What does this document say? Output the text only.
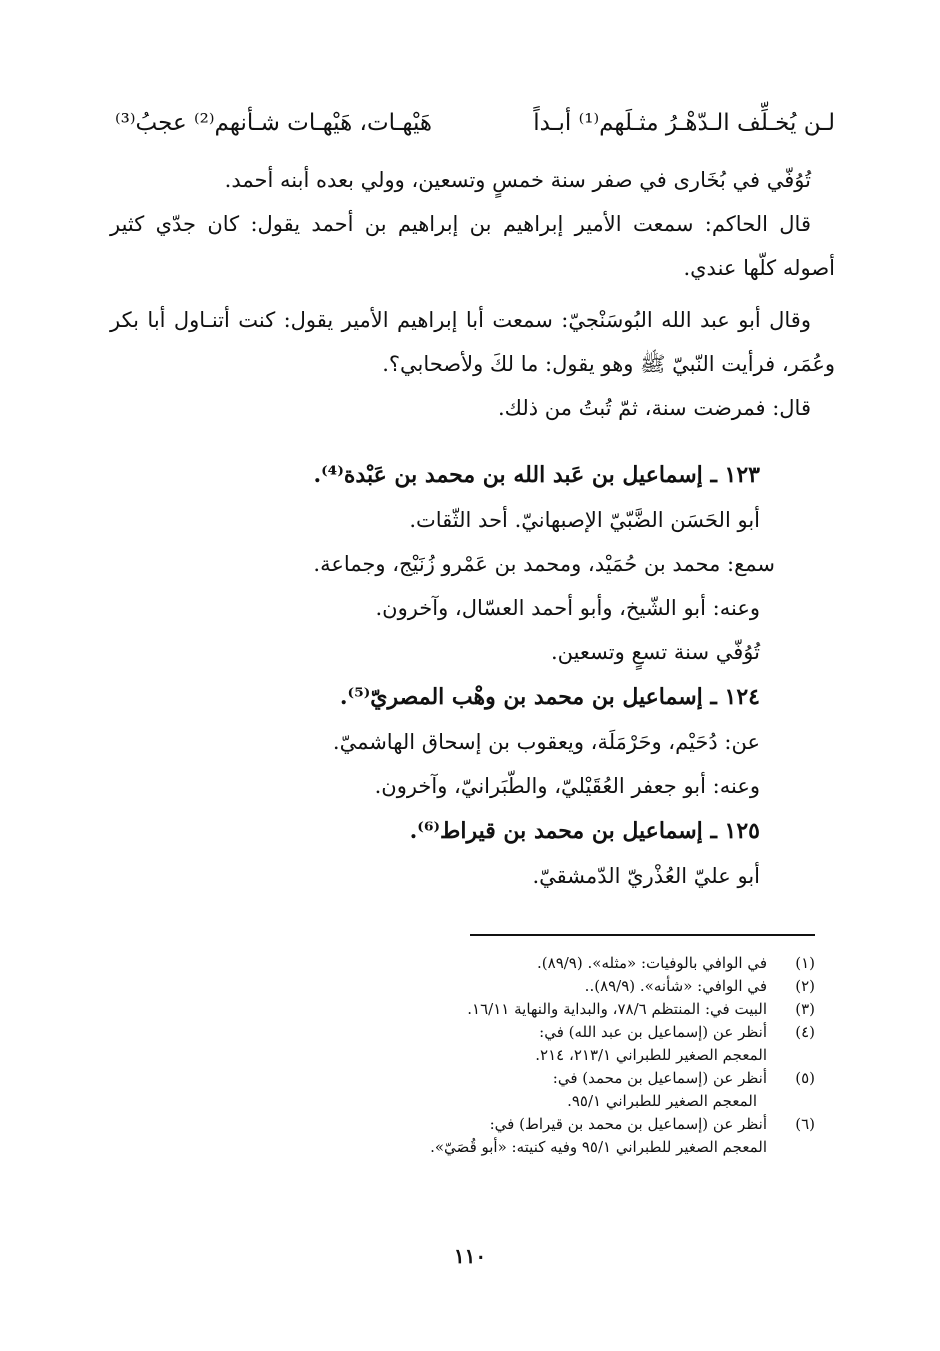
لـن يُخـلِّف الـدّهْـرُ مثـلَهم⁽¹⁾ أبـداً
هَيْهـات، هَيْهـات شـأنهم⁽²⁾ عجبُ⁽³⁾

تُوُفّي في بُخَارى في صفر سنة خمسٍ وتسعين، وولي بعده أبنه أحمد.

قال الحاكم: سمعت الأمير إبراهيم بن إبراهيم بن أحمد يقول: كان جدّي كثير أصوله كلّها عندي.

وقال أبو عبد الله البُوسَنْجيّ: سمعت أبا إبراهيم الأمير يقول: كنت أتنـاول أبا بكر وعُمَر، فرأيت النّبيّ ﷺ وهو يقول: ما لكَ ولأصحابي؟.

قال: فمرضت سنة، ثمّ تُبتُ من ذلك.

١٢٣ ـ إسماعيل بن عَبد الله بن محمد بن عَبْدة⁽⁴⁾.
أبو الحَسَن الضَّبّيّ الإصبهانيّ. أحد الثّقات.
سمع: محمد بن حُمَيْد، ومحمد بن عَمْرو زُنَيْج، وجماعة.
وعنه: أبو الشّيخ، وأبو أحمد العسّال، وآخرون.
تُوُفّي سنة تسعٍ وتسعين.
١٢٤ ـ إسماعيل بن محمد بن وهْب المصريّ⁽⁵⁾.
عن: دُحَيْم، وحَرْمَلَة، ويعقوب بن إسحاق الهاشميّ.
وعنه: أبو جعفر العُقَيْليّ، والطّبَرانيّ، وآخرون.
١٢٥ ـ إسماعيل بن محمد بن قيراط⁽⁶⁾.
أبو عليّ العُذْريّ الدّمشقيّ.
(١)
في الوافي بالوفيات: «مثله». (٨٩/٩).
(٢)
في الوافي: «شأنه». (٨٩/٩)..
(٣)
البيت في: المنتظم ٧٨/٦، والبداية والنهاية ١٦/١١.
(٤)
أنظر عن (إسماعيل بن عبد الله) في:
المعجم الصغير للطبراني ٢١٣/١، ٢١٤.
(٥)
أنظر عن (إسماعيل بن محمد) في:
المعجم الصغير للطبراني ٩٥/١.
(٦)
أنظر عن (إسماعيل بن محمد بن قيراط) في:
المعجم الصغير للطبراني ٩٥/١ وفيه كنيته: «أبو قُصَيّ».
١١٠
